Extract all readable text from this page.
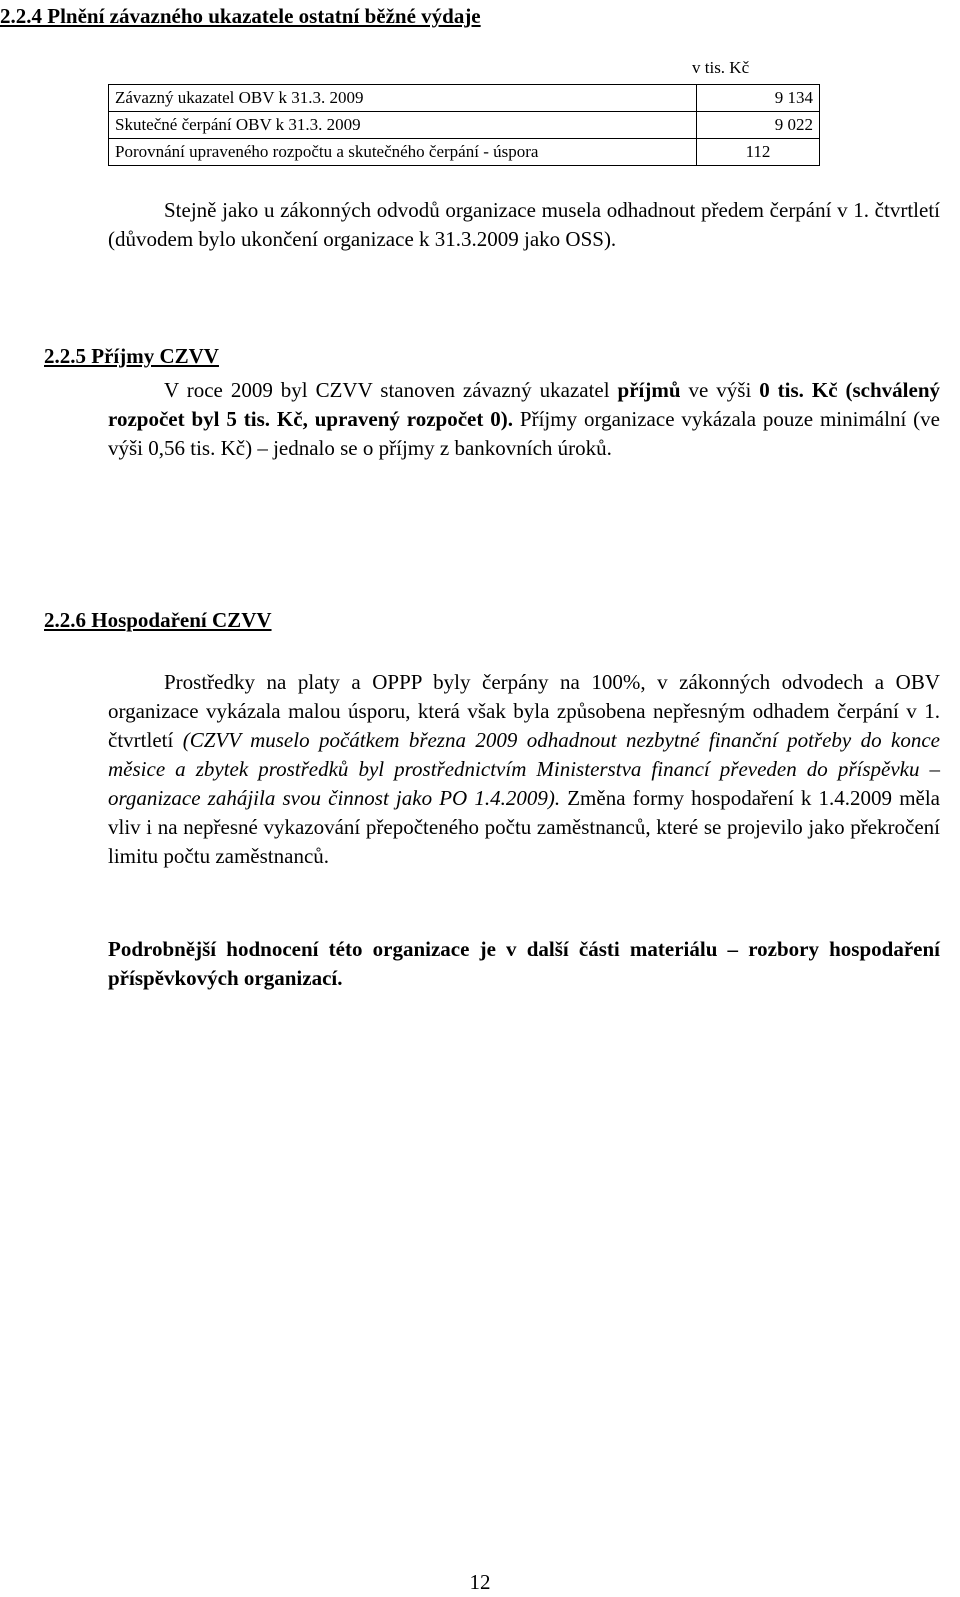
2.2.4 Plnění závazného ukazatele ostatní běžné výdaje
v tis. Kč
Závazný ukazatel OBV k 31.3. 2009	9 134
Skutečné čerpání OBV k 31.3. 2009	9 022
Porovnání upraveného rozpočtu a skutečného čerpání - úspora	112
Stejně jako u zákonných odvodů organizace musela odhadnout předem čerpání v 1. čtvrtletí (důvodem bylo ukončení organizace k 31.3.2009 jako OSS).
2.2.5 Příjmy CZVV
V roce 2009 byl CZVV stanoven závazný ukazatel příjmů ve výši 0 tis. Kč (schválený rozpočet byl 5 tis. Kč, upravený rozpočet 0). Příjmy organizace vykázala pouze minimální (ve výši 0,56 tis. Kč) – jednalo se o příjmy z bankovních úroků.
2.2.6 Hospodaření CZVV
Prostředky na platy a OPPP byly čerpány na 100%, v zákonných odvodech a OBV organizace vykázala malou úsporu, která však byla způsobena nepřesným odhadem čerpání v 1. čtvrtletí (CZVV muselo počátkem března 2009 odhadnout nezbytné finanční potřeby do konce měsice a zbytek prostředků byl prostřednictvím Ministerstva financí převeden do příspěvku – organizace zahájila svou činnost jako PO 1.4.2009). Změna formy hospodaření k 1.4.2009 měla vliv i na nepřesné vykazování přepočteného počtu zaměstnanců, které se projevilo jako překročení limitu počtu zaměstnanců.
Podrobnější hodnocení této organizace je v další části materiálu – rozbory hospodaření příspěvkových organizací.
12
